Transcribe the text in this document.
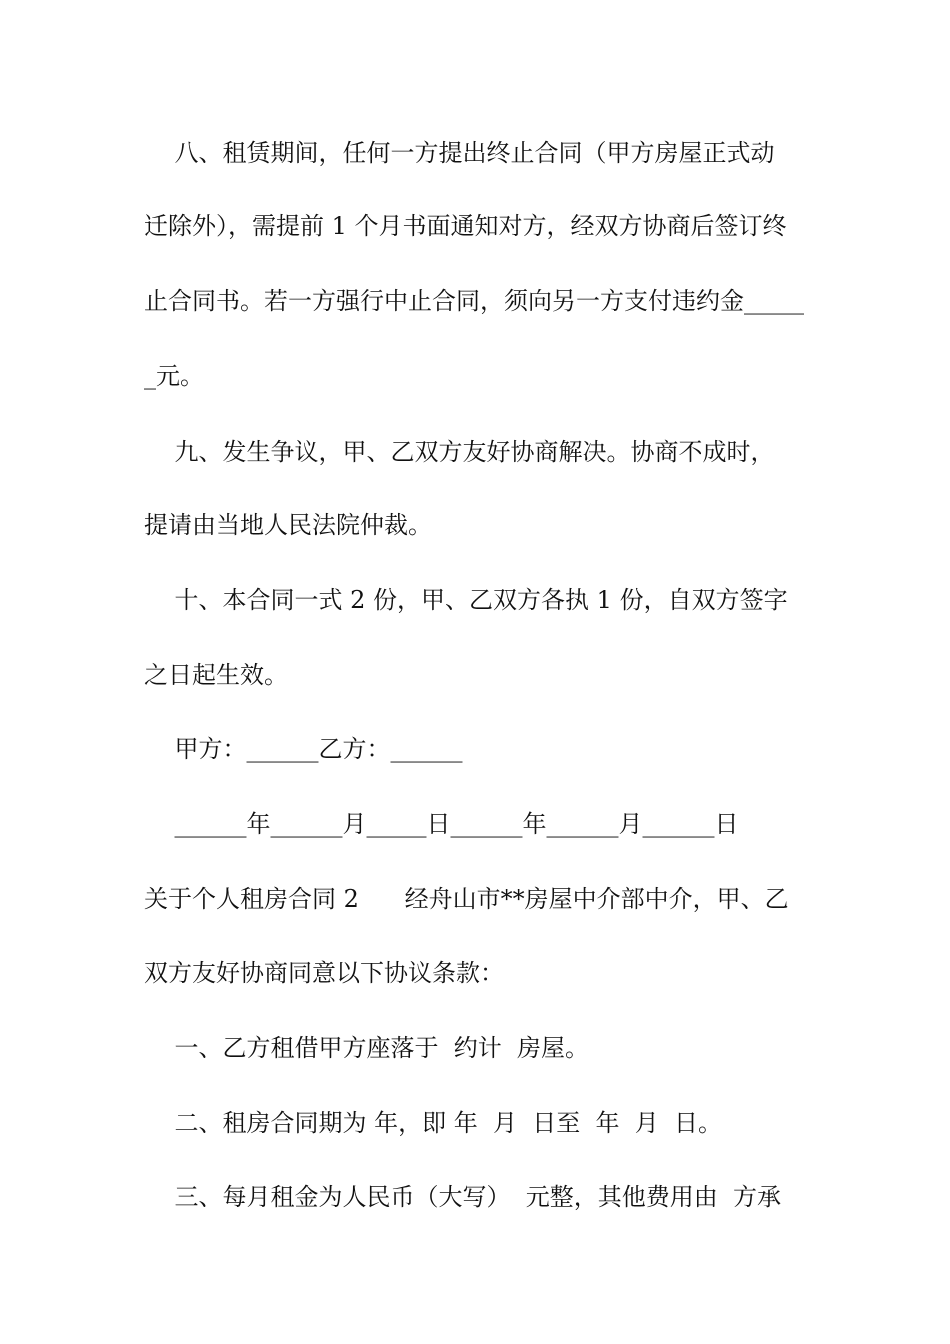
八、租赁期间，任何一方提出终止合同（甲方房屋正式动
迁除外），需提前 1 个月书面通知对方，经双方协商后签订终
止合同书。若一方强行中止合同，须向另一方支付违约金_____
_元。
九、发生争议，甲、乙双方友好协商解决。协商不成时，
提请由当地人民法院仲裁。
十、本合同一式 2 份，甲、乙双方各执 1 份，自双方签字
之日起生效。
甲方：______乙方：______
______年______月_____日______年______月______日
关于个人租房合同 2      经舟山市**房屋中介部中介，甲、乙
双方友好协商同意以下协议条款：
一、乙方租借甲方座落于  约计  房屋。
二、租房合同期为 年，即 年  月  日至  年  月  日。
三、每月租金为人民币（大写）  元整，其他费用由  方承
